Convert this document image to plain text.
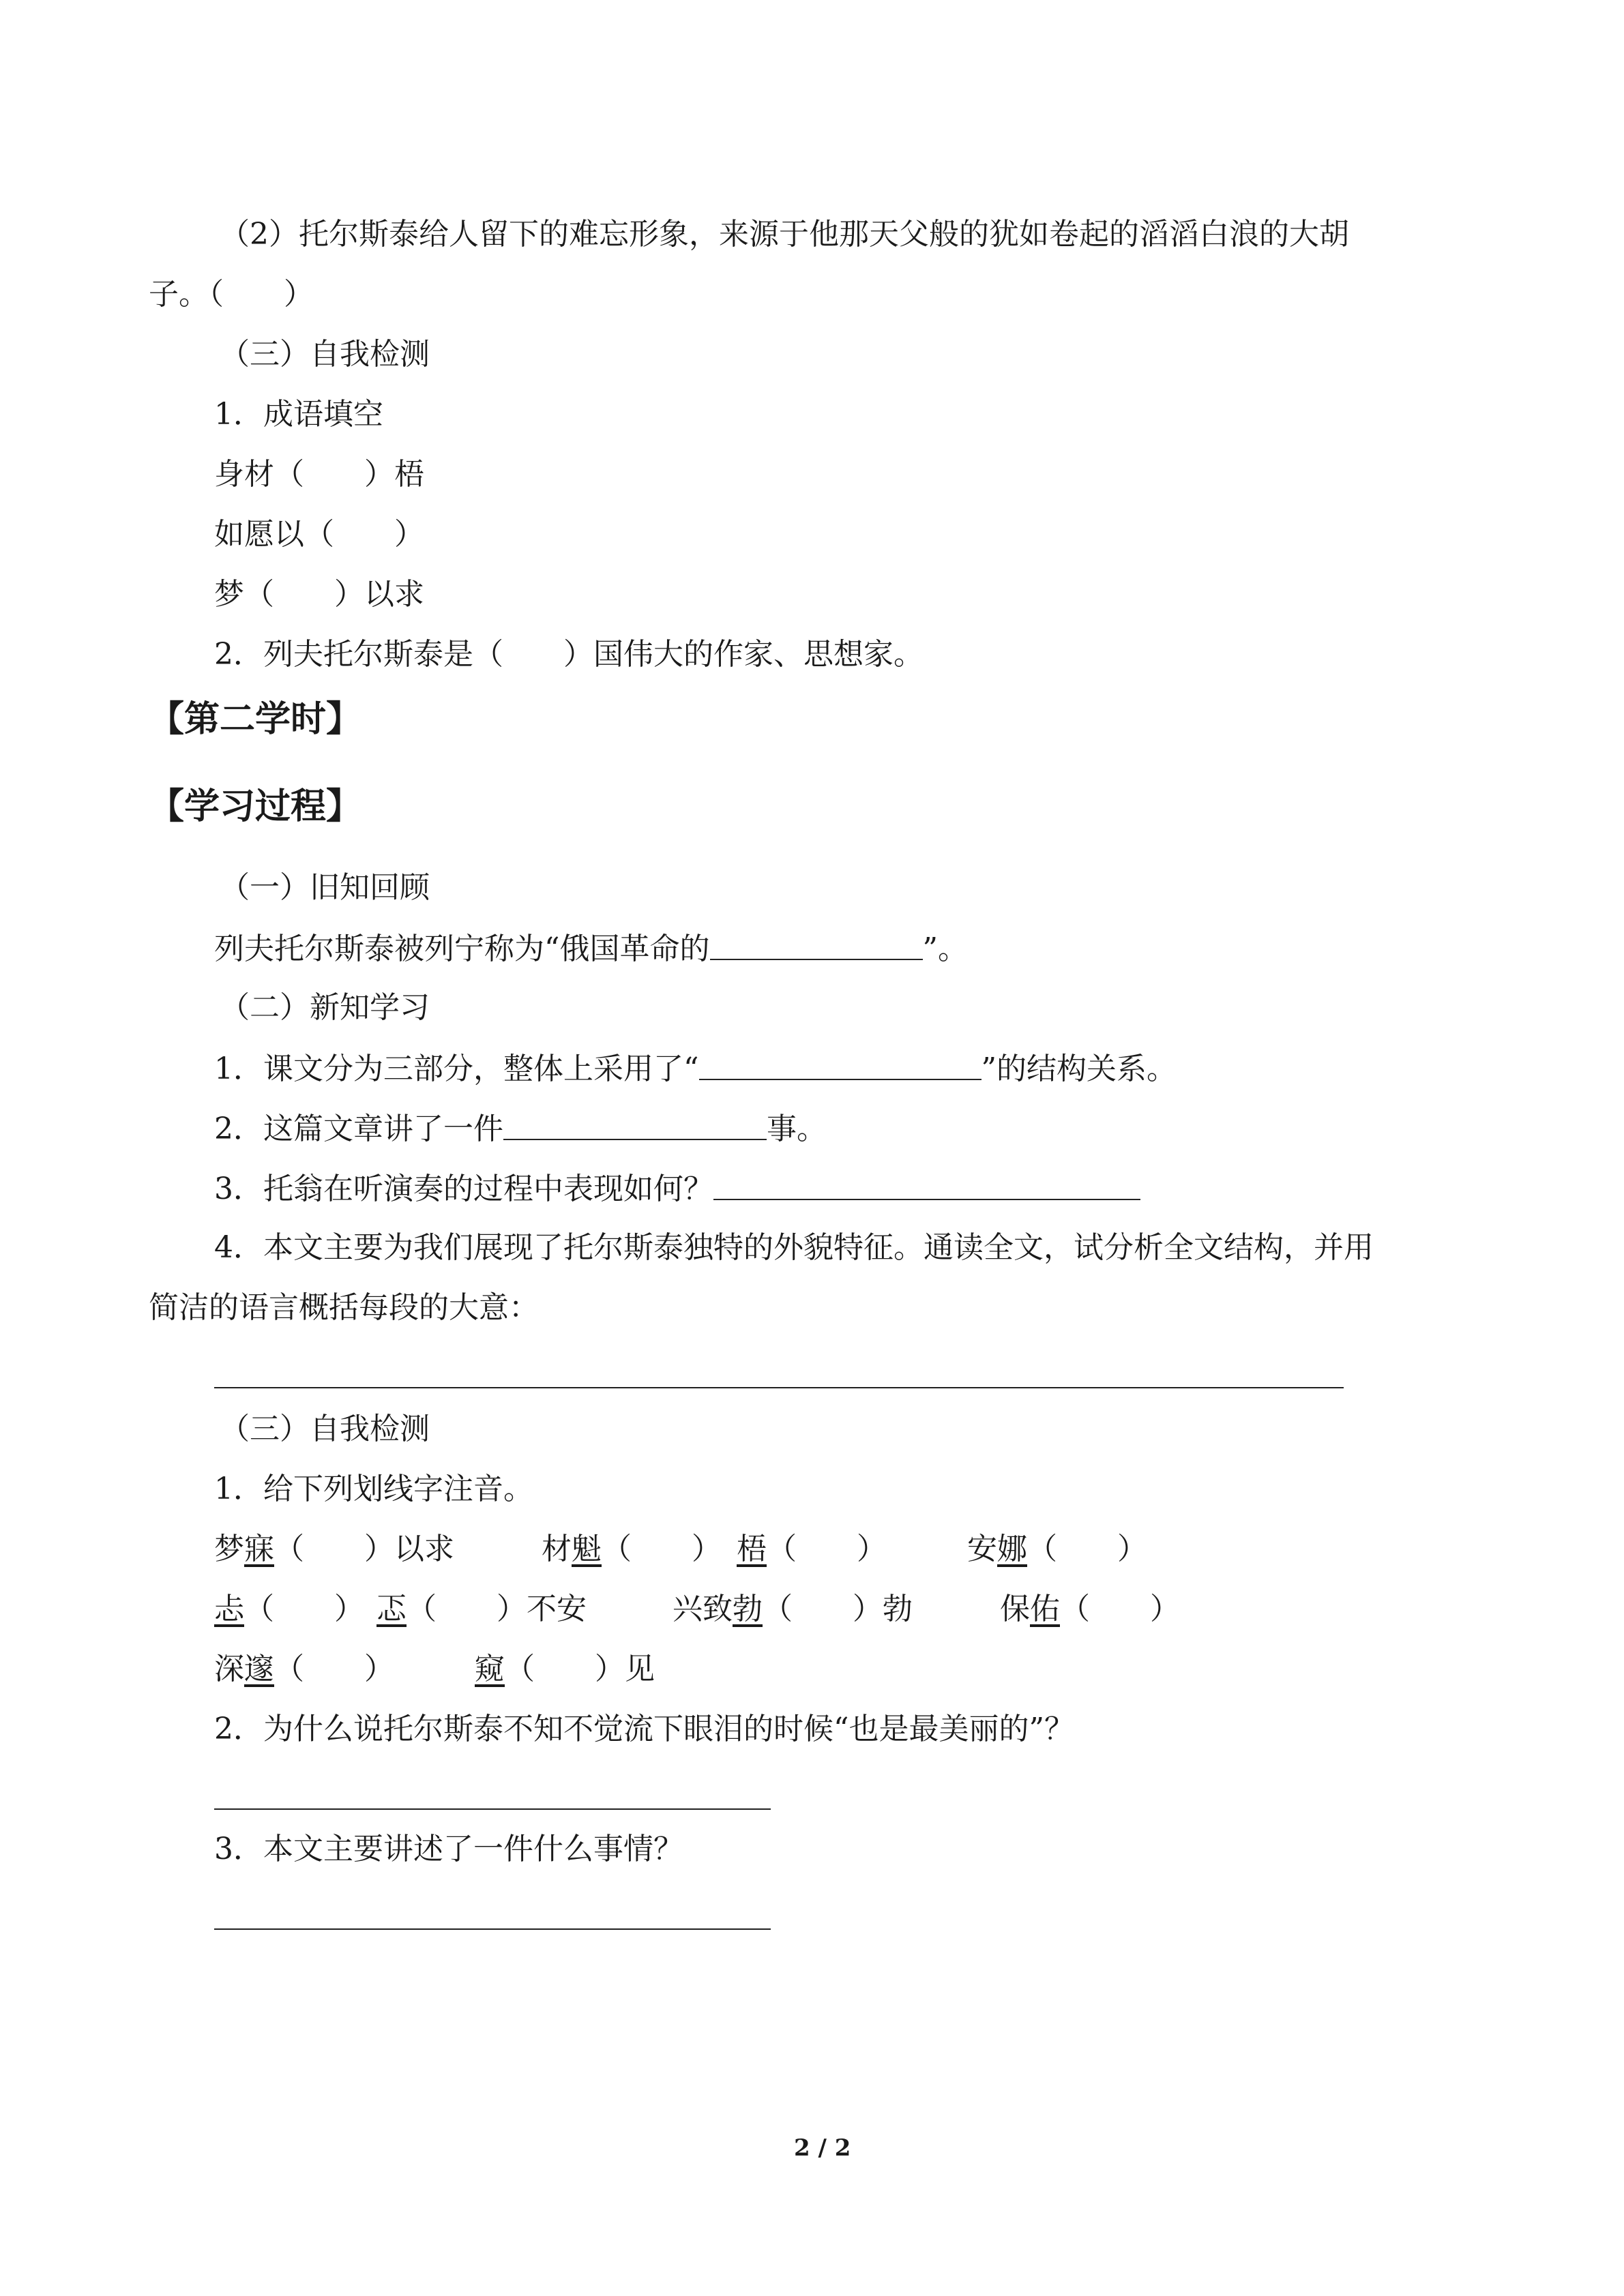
（2）托尔斯泰给人留下的难忘形象，来源于他那天父般的犹如卷起的滔滔白浪的大胡
子。（　　）
（三）自我检测
1．成语填空
身材（　　）梧
如愿以（　　）
梦（　　）以求
2．列夫托尔斯泰是（　　）国伟大的作家、思想家。
【第二学时】
【学习过程】
（一）旧知回顾
列夫托尔斯泰被列宁称为“俄国革命的	”。
（二）新知学习
1．课文分为三部分，整体上采用了“	”的结构关系。
2．这篇文章讲了一件	事。
3．托翁在听演奏的过程中表现如何？
4．本文主要为我们展现了托尔斯泰独特的外貌特征。通读全文，试分析全文结构，并用
简洁的语言概括每段的大意：
（三）自我检测
1．给下列划线字注音。
梦寐（　　）以求	材魁（　　） 梧（　　）	安娜（　　）
忐（　　） 忑（　　）不安	兴致勃（　　）勃	保佑（　　）
深邃（　　）	窥（　　）见
2．为什么说托尔斯泰不知不觉流下眼泪的时候“也是最美丽的”？
3．本文主要讲述了一件什么事情？
2 / 2
